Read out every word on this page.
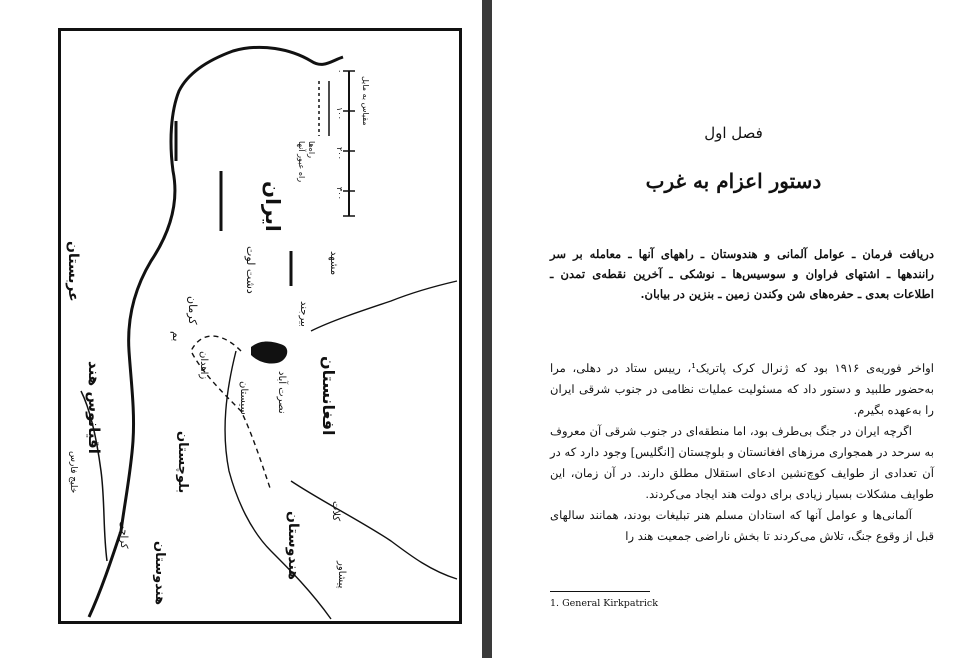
ایران
عربستان
اقیانوس هند	افغانستان
بلوچستان
هندوستان
هندوستان
دشت لوت
کرمان
بم
بیرجند
نصرت آباد
زاهدان
کلات
پیشاور
کراچی
سیستان
مشهد
مقیاس به مایل
۰
۱۰۰
۲۰۰
۳۰۰
راه‌ها
راه عبور آنها
خلیج فارس
فصل اول
دستور اعزام به غرب
دریافت فرمان ـ عوامل آلمانی و هندوستان ـ راههای آنها ـ معامله بر سر رانندهها ـ اشتهای فراوان و سوسیس‌ها ـ نوشکی ـ آخرین نقطه‌ی تمدن ـ اطلاعات بعدی ـ حفره‌های شن وکندن زمین ـ بنزین در بیابان.

اواخر فوریه‌ی ۱۹۱۶ بود که ژنرال کرک پاتریک¹، رییس ستاد در دهلی، مرا به‌حضور طلبید و دستور داد که مسئولیت عملیات نظامی در جنوب شرقی ایران را به‌عهده بگیرم.

اگرچه ایران در جنگ بی‌طرف بود، اما منطقه‌ای در جنوب شرقی آن معروف به سرحد در همجواری مرزهای افغانستان و بلوچستان [انگلیس] وجود دارد که در آن تعدادی از طوایف کوچ‌نشین ادعای استقلال مطلق دارند. در آن زمان، این طوایف مشکلات بسیار زیادی برای دولت هند ایجاد می‌کردند.

آلمانی‌ها و عوامل آنها که استادان مسلم هنر تبلیغات بودند، همانند سالهای قبل از وقوع جنگ، تلاش می‌کردند تا بخش ناراضی جمعیت هند را

1. General Kirkpatrick
